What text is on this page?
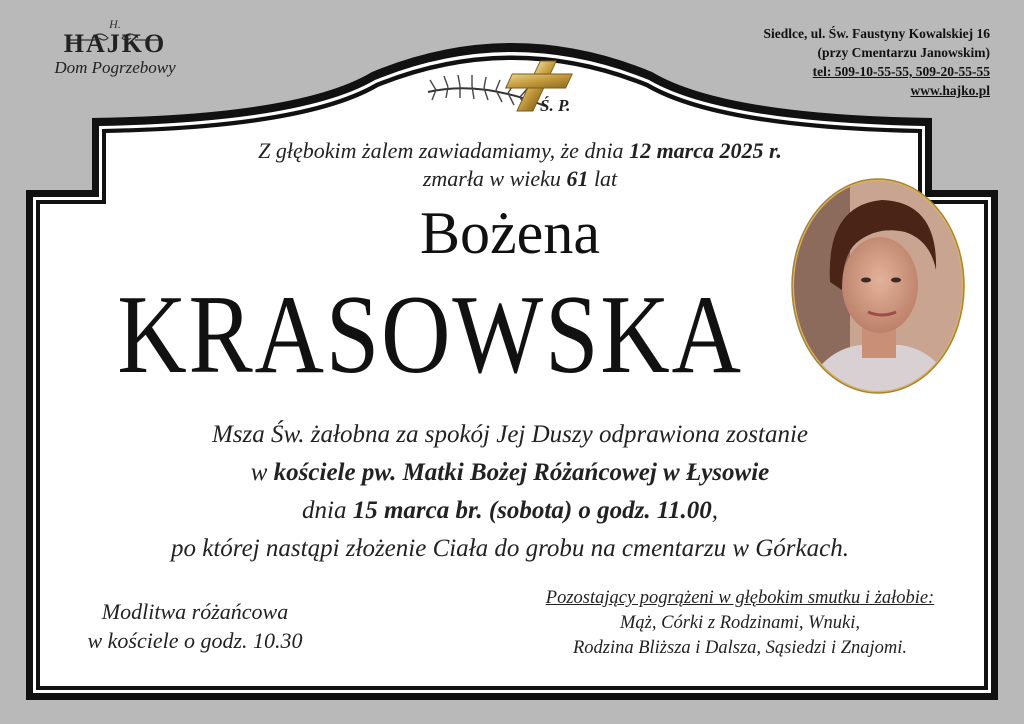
H.
HAJKO
Dom Pogrzebowy
Siedlce, ul. Św. Faustyny Kowalskiej 16
(przy Cmentarzu Janowskim)
tel: 509-10-55-55, 509-20-55-55
www.hajko.pl
Ś. P.
Z głębokim żalem zawiadamiamy, że dnia 12 marca 2025 r.
zmarła w wieku 61 lat
Bożena
KRASOWSKA
Msza Św. żałobna za spokój Jej Duszy odprawiona zostanie
w kościele pw. Matki Bożej Różańcowej w Łysowie
dnia 15 marca br. (sobota) o godz. 11.00,
po której nastąpi złożenie Ciała do grobu na cmentarzu w Górkach.
Modlitwa różańcowa
w kościele o godz. 10.30
Pozostający pogrążeni w głębokim smutku i żałobie:
Mąż, Córki z Rodzinami, Wnuki,
Rodzina Bliższa i Dalsza, Sąsiedzi i Znajomi.
